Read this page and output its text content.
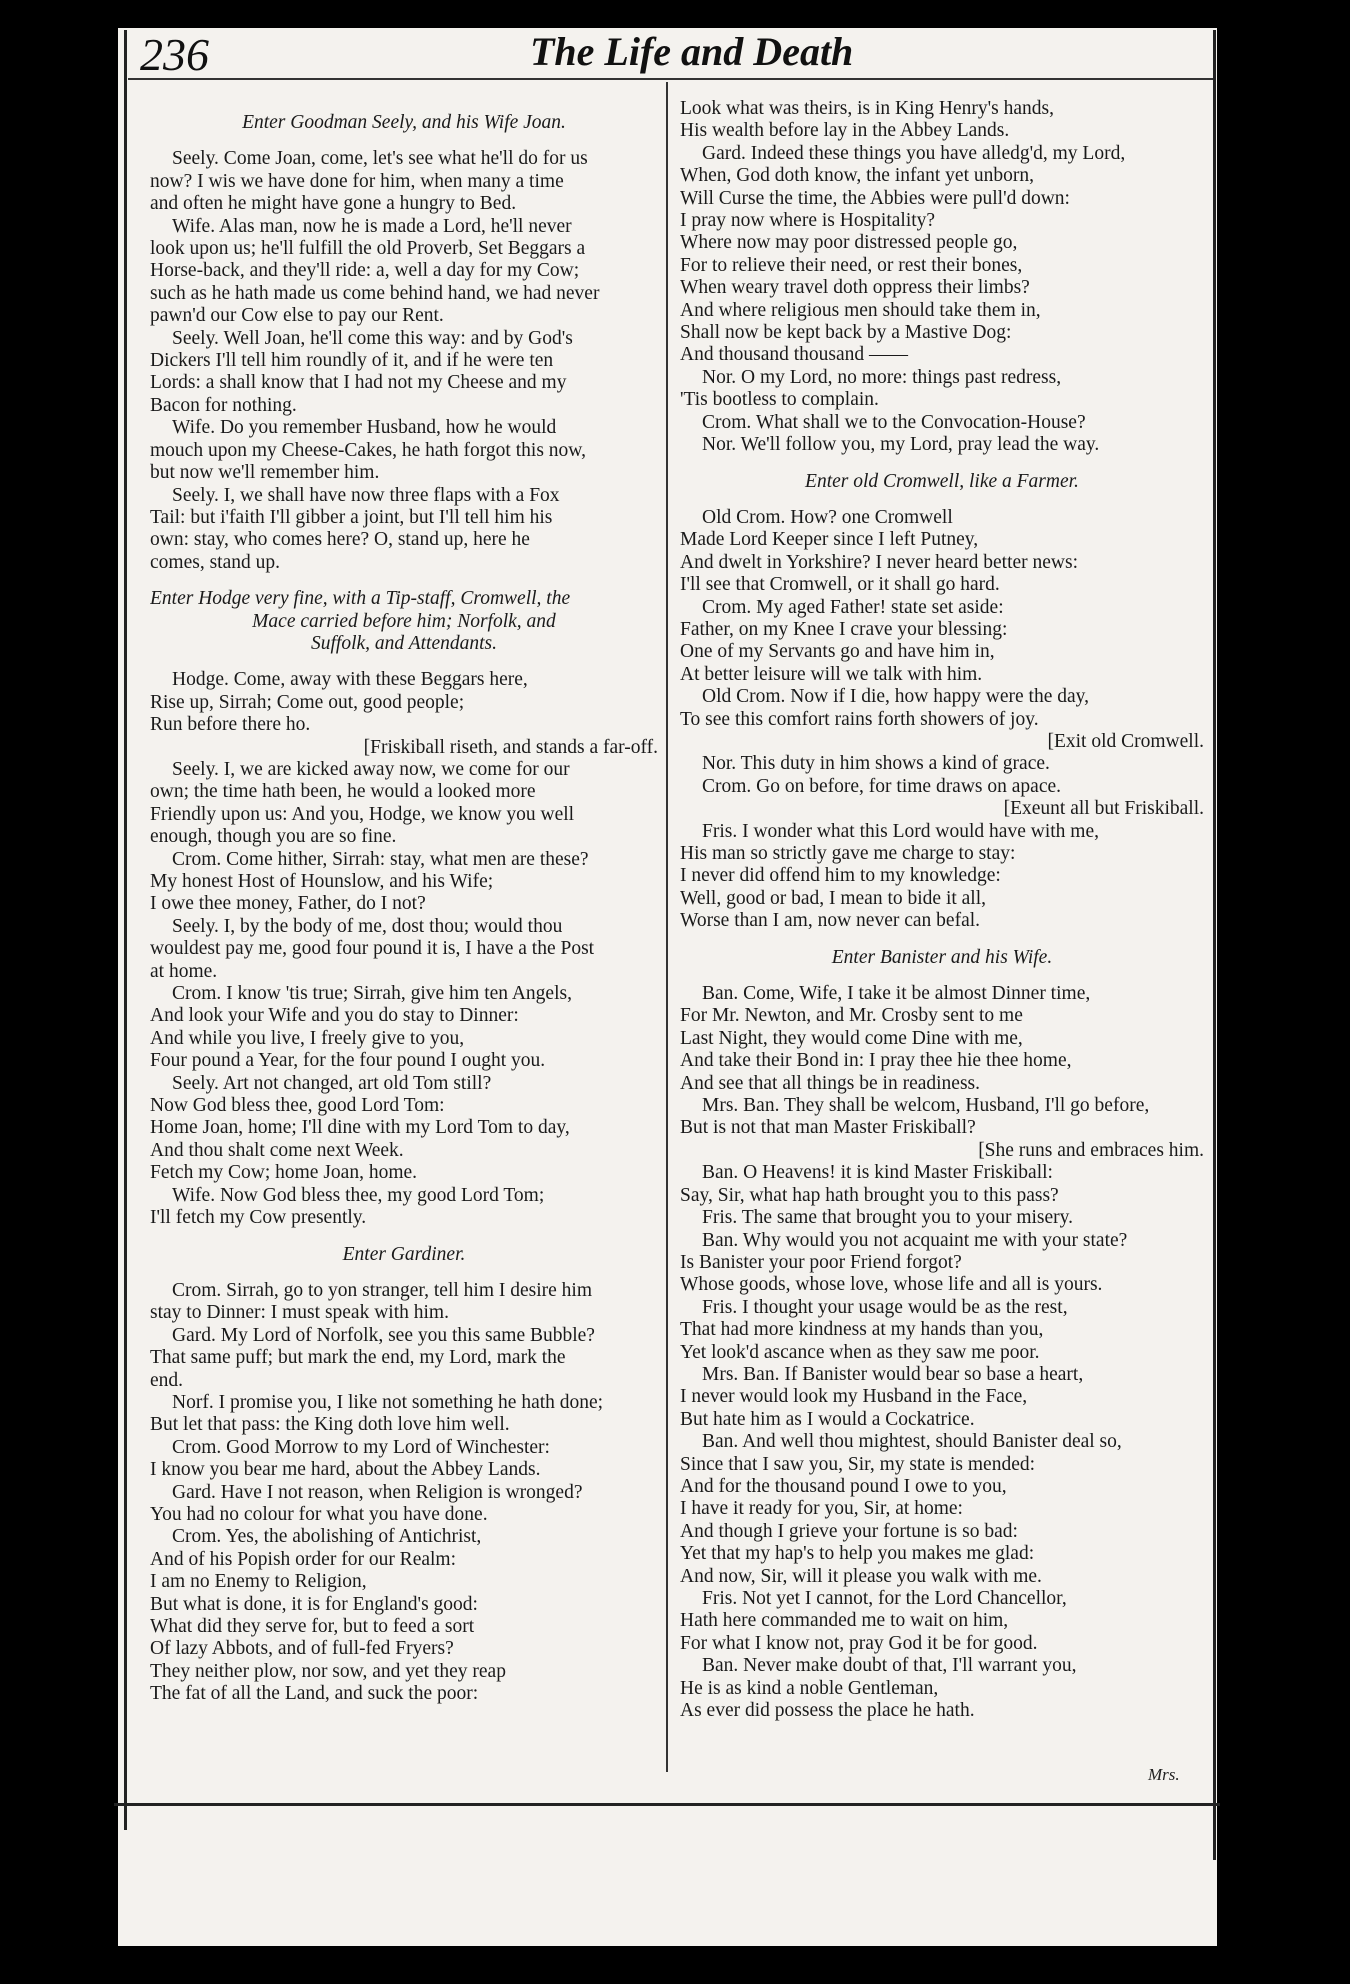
236	The Life and Death
Enter Goodman Seely, and his Wife Joan.
Seely. Come Joan, come, let's see what he'll do for us
now? I wis we have done for him, when many a time
and often he might have gone a hungry to Bed.
Wife. Alas man, now he is made a Lord, he'll never
look upon us; he'll fulfill the old Proverb, Set Beggars a
Horse-back, and they'll ride: a, well a day for my Cow;
such as he hath made us come behind hand, we had never
pawn'd our Cow else to pay our Rent.
Seely. Well Joan, he'll come this way: and by God's
Dickers I'll tell him roundly of it, and if he were ten
Lords: a shall know that I had not my Cheese and my
Bacon for nothing.
Wife. Do you remember Husband, how he would
mouch upon my Cheese-Cakes, he hath forgot this now,
but now we'll remember him.
Seely. I, we shall have now three flaps with a Fox
Tail: but i'faith I'll gibber a joint, but I'll tell him his
own: stay, who comes here? O, stand up, here he
comes, stand up.
Enter Hodge very fine, with a Tip-staff, Cromwell, the
Mace carried before him; Norfolk, and
Suffolk, and Attendants.
Hodge. Come, away with these Beggars here,
Rise up, Sirrah; Come out, good people;
Run before there ho.
[Friskiball riseth, and stands a far-off.
Seely. I, we are kicked away now, we come for our
own; the time hath been, he would a looked more
Friendly upon us: And you, Hodge, we know you well
enough, though you are so fine.
Crom. Come hither, Sirrah: stay, what men are these?
My honest Host of Hounslow, and his Wife;
I owe thee money, Father, do I not?
Seely. I, by the body of me, dost thou; would thou
wouldest pay me, good four pound it is, I have a the Post
at home.
Crom. I know 'tis true; Sirrah, give him ten Angels,
And look your Wife and you do stay to Dinner:
And while you live, I freely give to you,
Four pound a Year, for the four pound I ought you.
Seely. Art not changed, art old Tom still?
Now God bless thee, good Lord Tom:
Home Joan, home; I'll dine with my Lord Tom to day,
And thou shalt come next Week.
Fetch my Cow; home Joan, home.
Wife. Now God bless thee, my good Lord Tom;
I'll fetch my Cow presently.
Enter Gardiner.
Crom. Sirrah, go to yon stranger, tell him I desire him
stay to Dinner: I must speak with him.
Gard. My Lord of Norfolk, see you this same Bubble?
That same puff; but mark the end, my Lord, mark the
end.
Norf. I promise you, I like not something he hath done;
But let that pass: the King doth love him well.
Crom. Good Morrow to my Lord of Winchester:
I know you bear me hard, about the Abbey Lands.
Gard. Have I not reason, when Religion is wronged?
You had no colour for what you have done.
Crom. Yes, the abolishing of Antichrist,
And of his Popish order for our Realm:
I am no Enemy to Religion,
But what is done, it is for England's good:
What did they serve for, but to feed a sort
Of lazy Abbots, and of full-fed Fryers?
They neither plow, nor sow, and yet they reap
The fat of all the Land, and suck the poor:
Look what was theirs, is in King Henry's hands,
His wealth before lay in the Abbey Lands.
Gard. Indeed these things you have alledg'd, my Lord,
When, God doth know, the infant yet unborn,
Will Curse the time, the Abbies were pull'd down:
I pray now where is Hospitality?
Where now may poor distressed people go,
For to relieve their need, or rest their bones,
When weary travel doth oppress their limbs?
And where religious men should take them in,
Shall now be kept back by a Mastive Dog:
And thousand thousand ——
Nor. O my Lord, no more: things past redress,
'Tis bootless to complain.
Crom. What shall we to the Convocation-House?
Nor. We'll follow you, my Lord, pray lead the way.
Enter old Cromwell, like a Farmer.
Old Crom. How? one Cromwell
Made Lord Keeper since I left Putney,
And dwelt in Yorkshire? I never heard better news:
I'll see that Cromwell, or it shall go hard.
Crom. My aged Father! state set aside:
Father, on my Knee I crave your blessing:
One of my Servants go and have him in,
At better leisure will we talk with him.
Old Crom. Now if I die, how happy were the day,
To see this comfort rains forth showers of joy.
[Exit old Cromwell.
Nor. This duty in him shows a kind of grace.
Crom. Go on before, for time draws on apace.
[Exeunt all but Friskiball.
Fris. I wonder what this Lord would have with me,
His man so strictly gave me charge to stay:
I never did offend him to my knowledge:
Well, good or bad, I mean to bide it all,
Worse than I am, now never can befal.
Enter Banister and his Wife.
Ban. Come, Wife, I take it be almost Dinner time,
For Mr. Newton, and Mr. Crosby sent to me
Last Night, they would come Dine with me,
And take their Bond in: I pray thee hie thee home,
And see that all things be in readiness.
Mrs. Ban. They shall be welcom, Husband, I'll go before,
But is not that man Master Friskiball?
[She runs and embraces him.
Ban. O Heavens! it is kind Master Friskiball:
Say, Sir, what hap hath brought you to this pass?
Fris. The same that brought you to your misery.
Ban. Why would you not acquaint me with your state?
Is Banister your poor Friend forgot?
Whose goods, whose love, whose life and all is yours.
Fris. I thought your usage would be as the rest,
That had more kindness at my hands than you,
Yet look'd ascance when as they saw me poor.
Mrs. Ban. If Banister would bear so base a heart,
I never would look my Husband in the Face,
But hate him as I would a Cockatrice.
Ban. And well thou mightest, should Banister deal so,
Since that I saw you, Sir, my state is mended:
And for the thousand pound I owe to you,
I have it ready for you, Sir, at home:
And though I grieve your fortune is so bad:
Yet that my hap's to help you makes me glad:
And now, Sir, will it please you walk with me.
Fris. Not yet I cannot, for the Lord Chancellor,
Hath here commanded me to wait on him,
For what I know not, pray God it be for good.
Ban. Never make doubt of that, I'll warrant you,
He is as kind a noble Gentleman,
As ever did possess the place he hath.
Mrs.
